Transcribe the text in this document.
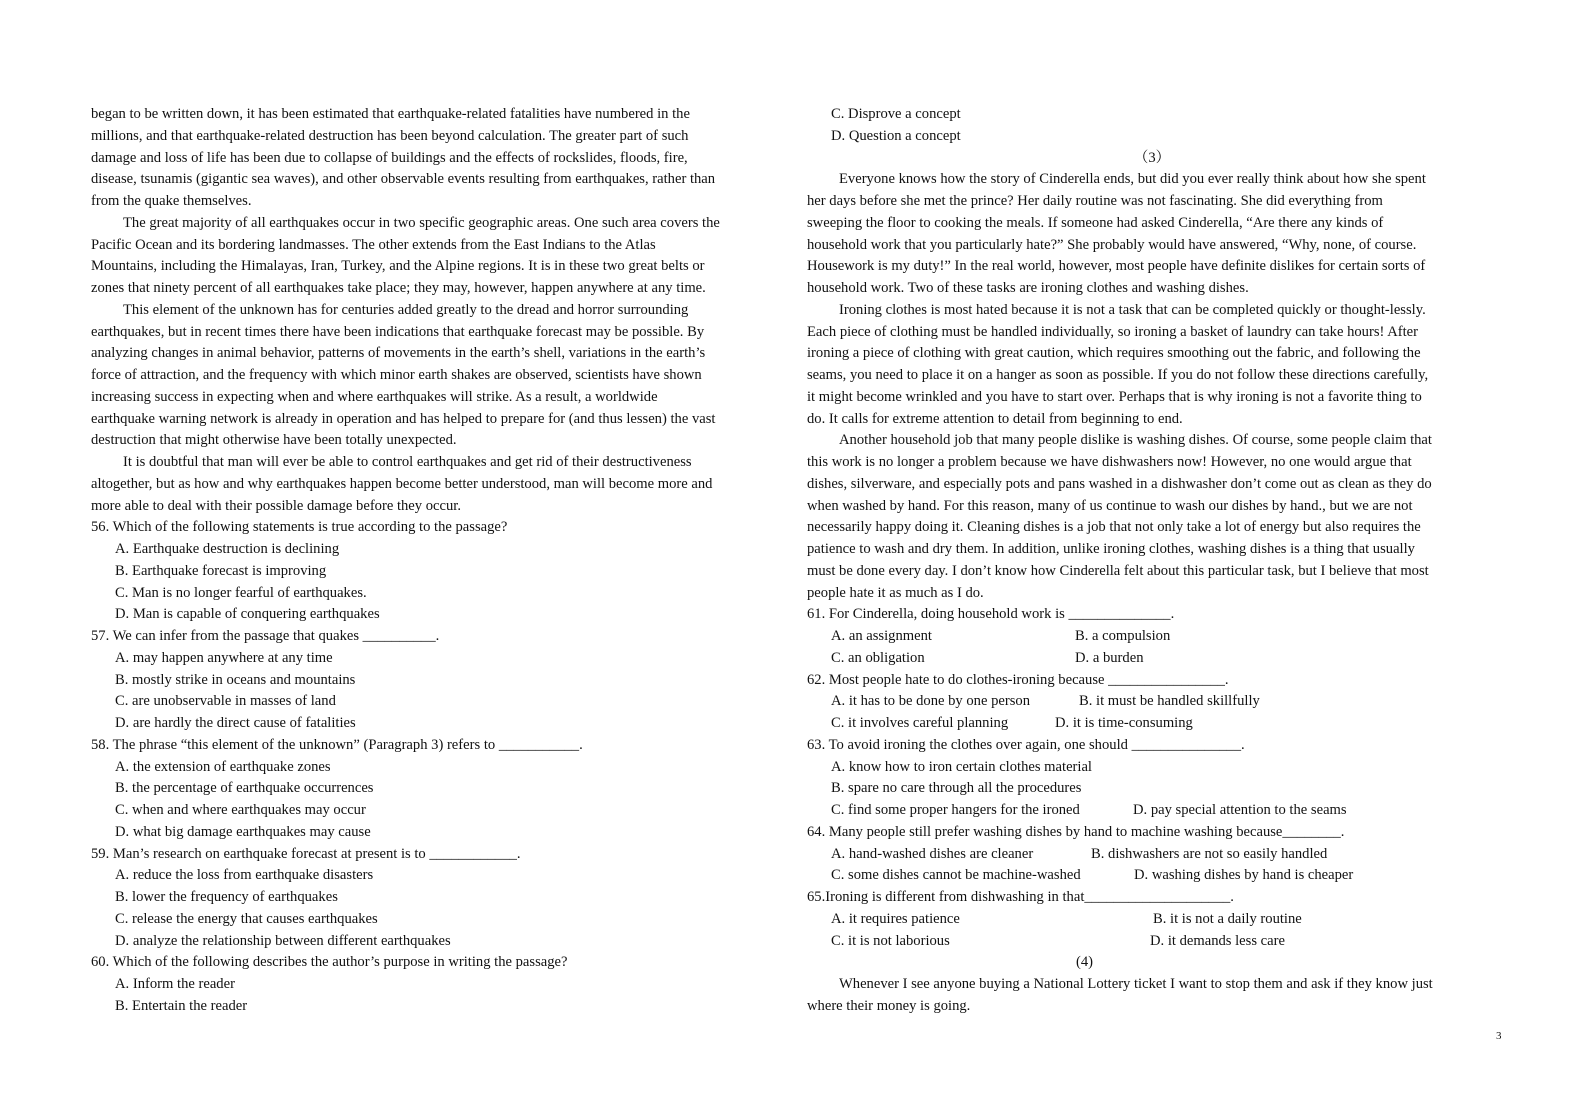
began to be written down, it has been estimated that earthquake-related fatalities have numbered in the
millions, and that earthquake-related destruction has been beyond calculation. The greater part of such
damage and loss of life has been due to collapse of buildings and the effects of rockslides, floods, fire,
disease, tsunamis (gigantic sea waves), and other observable events resulting from earthquakes, rather than
from the quake themselves.
The great majority of all earthquakes occur in two specific geographic areas. One such area covers the
Pacific Ocean and its bordering landmasses. The other extends from the East Indians to the Atlas
Mountains, including the Himalayas, Iran, Turkey, and the Alpine regions. It is in these two great belts or
zones that ninety percent of all earthquakes take place; they may, however, happen anywhere at any time.
This element of the unknown has for centuries added greatly to the dread and horror surrounding
earthquakes, but in recent times there have been indications that earthquake forecast may be possible. By
analyzing changes in animal behavior, patterns of movements in the earth’s shell, variations in the earth’s
force of attraction, and the frequency with which minor earth shakes are observed, scientists have shown
increasing success in expecting when and where earthquakes will strike. As a result, a worldwide
earthquake warning network is already in operation and has helped to prepare for (and thus lessen) the vast
destruction that might otherwise have been totally unexpected.
It is doubtful that man will ever be able to control earthquakes and get rid of their destructiveness
altogether, but as how and why earthquakes happen become better understood, man will become more and
more able to deal with their possible damage before they occur.
56. Which of the following statements is true according to the passage?
A. Earthquake destruction is declining
B. Earthquake forecast is improving
C. Man is no longer fearful of earthquakes.
D. Man is capable of conquering earthquakes
57. We can infer from the passage that quakes __________.
A. may happen anywhere at any time
B. mostly strike in oceans and mountains
C. are unobservable in masses of land
D. are hardly the direct cause of fatalities
58. The phrase “this element of the unknown” (Paragraph 3) refers to ___________.
A. the extension of earthquake zones
B. the percentage of earthquake occurrences
C. when and where earthquakes may occur
D. what big damage earthquakes may cause
59. Man’s research on earthquake forecast at present is to ____________.
A. reduce the loss from earthquake disasters
B. lower the frequency of earthquakes
C. release the energy that causes earthquakes
D. analyze the relationship between different earthquakes
60. Which of the following describes the author’s purpose in writing the passage?
A. Inform the reader
B. Entertain the reader
C. Disprove a concept
D. Question a concept
（3）
Everyone knows how the story of Cinderella ends, but did you ever really think about how she spent
her days before she met the prince? Her daily routine was not fascinating. She did everything from
sweeping the floor to cooking the meals. If someone had asked Cinderella, “Are there any kinds of
household work that you particularly hate?” She probably would have answered, “Why, none, of course.
Housework is my duty!” In the real world, however, most people have definite dislikes for certain sorts of
household work. Two of these tasks are ironing clothes and washing dishes.
Ironing clothes is most hated because it is not a task that can be completed quickly or thought-lessly.
Each piece of clothing must be handled individually, so ironing a basket of laundry can take hours! After
ironing a piece of clothing with great caution, which requires smoothing out the fabric, and following the
seams, you need to place it on a hanger as soon as possible. If you do not follow these directions carefully,
it might become wrinkled and you have to start over. Perhaps that is why ironing is not a favorite thing to
do. It calls for extreme attention to detail from beginning to end.
Another household job that many people dislike is washing dishes. Of course, some people claim that
this work is no longer a problem because we have dishwashers now! However, no one would argue that
dishes, silverware, and especially pots and pans washed in a dishwasher don’t come out as clean as they do
when washed by hand. For this reason, many of us continue to wash our dishes by hand., but we are not
necessarily happy doing it. Cleaning dishes is a job that not only take a lot of energy but also requires the
patience to wash and dry them. In addition, unlike ironing clothes, washing dishes is a thing that usually
must be done every day. I don’t know how Cinderella felt about this particular task, but I believe that most
people hate it as much as I do.
61. For Cinderella, doing household work is ______________.
A. an assignment	B. a compulsion
C. an obligation	D. a burden
62. Most people hate to do clothes-ironing because ________________.
A. it has to be done by one person	B. it must be handled skillfully
C. it involves careful planning	D. it is time-consuming
63. To avoid ironing the clothes over again, one should _______________.
A. know how to iron certain clothes material
B. spare no care through all the procedures
C. find some proper hangers for the ironed	D. pay special attention to the seams
64. Many people still prefer washing dishes by hand to machine washing because________.
A. hand-washed dishes are cleaner	B. dishwashers are not so easily handled
C. some dishes cannot be machine-washed	D. washing dishes by hand is cheaper
65.Ironing is different from dishwashing in that____________________.
A. it requires patience	B. it is not a daily routine
C. it is not laborious	D. it demands less care
(4)
Whenever I see anyone buying a National Lottery ticket I want to stop them and ask if they know just
where their money is going.
3
